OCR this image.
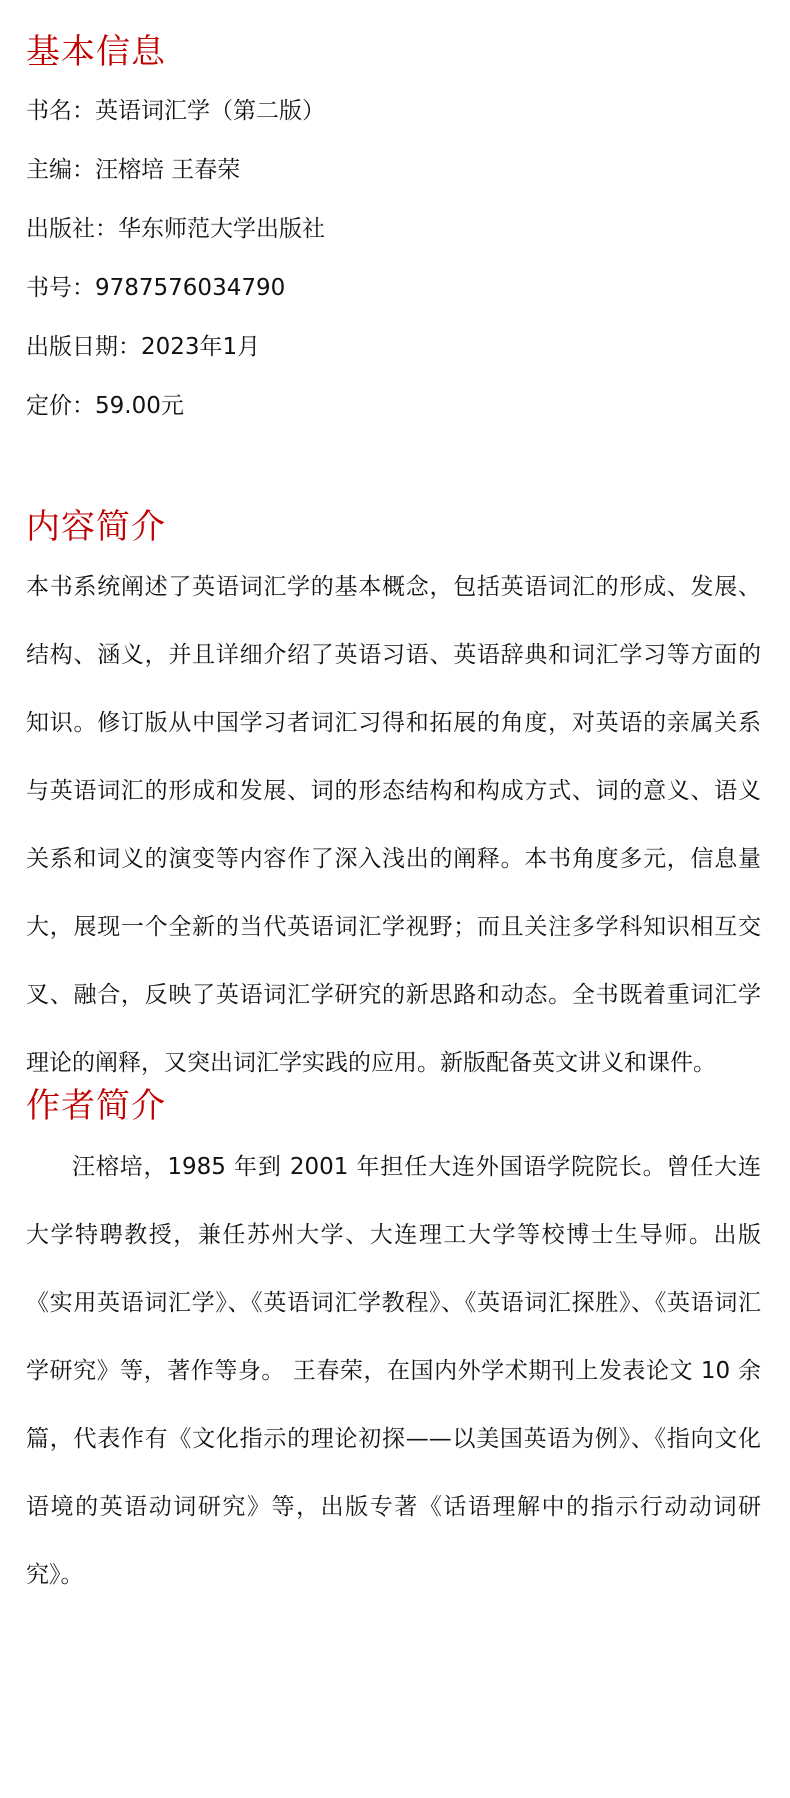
基本信息

书名：英语词汇学（第二版）

主编：汪榕培 王春荣

出版社：华东师范大学出版社

书号：9787576034790

出版日期：2023年1月

定价：59.00元

内容简介

本书系统阐述了英语词汇学的基本概念，包括英语词汇的形成、发展、结构、涵义，并且详细介绍了英语习语、英语辞典和词汇学习等方面的知识。修订版从中国学习者词汇习得和拓展的角度，对英语的亲属关系与英语词汇的形成和发展、词的形态结构和构成方式、词的意义、语义关系和词义的演变等内容作了深入浅出的阐释。本书角度多元，信息量大，展现一个全新的当代英语词汇学视野；而且关注多学科知识相互交叉、融合，反映了英语词汇学研究的新思路和动态。全书既着重词汇学理论的阐释，又突出词汇学实践的应用。新版配备英文讲义和课件。

作者简介

汪榕培，1985 年到 2001 年担任大连外国语学院院长。曾任大连大学特聘教授，兼任苏州大学、大连理工大学等校博士生导师。出版《实用英语词汇学》、《英语词汇学教程》、《英语词汇探胜》、《英语词汇学研究》等，著作等身。 王春荣，在国内外学术期刊上发表论文 10 余篇，代表作有《文化指示的理论初探——以美国英语为例》、《指向文化语境的英语动词研究》等，出版专著《话语理解中的指示行动动词研究》。
